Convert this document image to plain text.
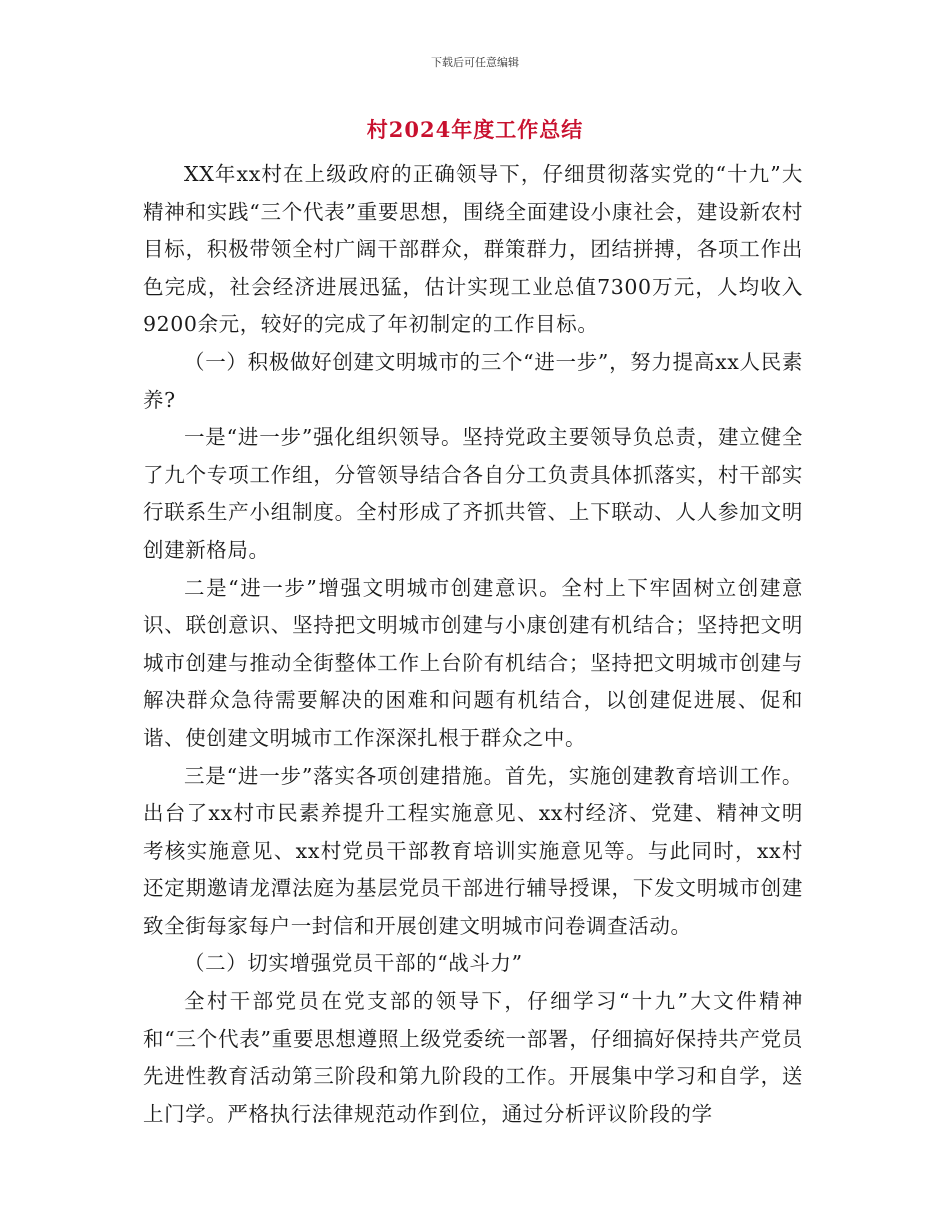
下载后可任意编辑
村2024年度工作总结

XX年xx村在上级政府的正确领导下，仔细贯彻落实党的“十九”大精神和实践“三个代表”重要思想，围绕全面建设小康社会，建设新农村目标，积极带领全村广阔干部群众，群策群力，团结拼搏，各项工作出色完成，社会经济进展迅猛，估计实现工业总值7300万元，人均收入9200余元，较好的完成了年初制定的工作目标。

（一）积极做好创建文明城市的三个“进一步”，努力提高xx人民素养?

一是“进一步”强化组织领导。坚持党政主要领导负总责，建立健全了九个专项工作组，分管领导结合各自分工负责具体抓落实，村干部实行联系生产小组制度。全村形成了齐抓共管、上下联动、人人参加文明创建新格局。

二是“进一步”增强文明城市创建意识。全村上下牢固树立创建意识、联创意识、坚持把文明城市创建与小康创建有机结合；坚持把文明城市创建与推动全街整体工作上台阶有机结合；坚持把文明城市创建与解决群众急待需要解决的困难和问题有机结合，以创建促进展、促和谐、使创建文明城市工作深深扎根于群众之中。

三是“进一步”落实各项创建措施。首先，实施创建教育培训工作。出台了xx村市民素养提升工程实施意见、xx村经济、党建、精神文明考核实施意见、xx村党员干部教育培训实施意见等。与此同时，xx村还定期邀请龙潭法庭为基层党员干部进行辅导授课，下发文明城市创建致全街每家每户一封信和开展创建文明城市问卷调查活动。

（二）切实增强党员干部的“战斗力”

全村干部党员在党支部的领导下，仔细学习“十九”大文件精神和“三个代表”重要思想遵照上级党委统一部署，仔细搞好保持共产党员先进性教育活动第三阶段和第九阶段的工作。开展集中学习和自学，送上门学。严格执行法律规范动作到位，通过分析评议阶段的学
